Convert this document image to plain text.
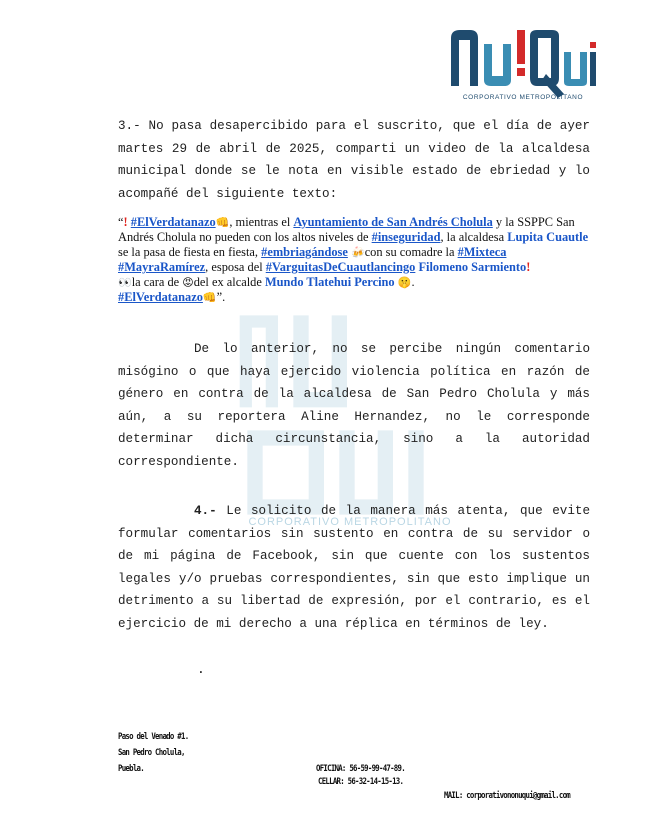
CORPORATIVO METROPOLITANO
CORPORATIVO METROPOLITANO
3.- No pasa desapercibido para el suscrito, que el día de ayer martes 29 de abril de 2025, comparti un video de la alcaldesa municipal donde se le nota en visible estado de ebriedad y lo acompañé del siguiente texto:
“! #ElVerdatanazo👊, mientras el Ayuntamiento de San Andrés Cholula y la SSPPC San Andrés Cholula no pueden con los altos niveles de #inseguridad, la alcaldesa Lupita Cuautle
se la pasa de fiesta en fiesta, #embriagándose 🍻con su comadre la #Mixteca
#MayraRamírez, esposa del #VarguitasDeCuautlancingo Filomeno Sarmiento!
👀la cara de 😡del ex alcalde Mundo Tlatehui Percino 🤫.
#ElVerdatanazo👊”.
De lo anterior, no se percibe ningún comentario misógino o que haya ejercido violencia política en razón de género en contra de la alcaldesa de San Pedro Cholula y más aún, a su reportera Aline Hernandez, no le corresponde determinar dicha circunstancia, sino a la autoridad correspondiente.
4.- Le solicito de la manera más atenta, que evite formular comentarios sin sustento en contra de su servidor o de mi página de Facebook, sin que cuente con los sustentos legales y/o pruebas correspondientes, sin que esto implique un detrimento a su libertad de expresión, por el contrario, es el ejercicio de mi derecho a una réplica en términos de ley.
.
Paso del Venado #1.
San Pedro Cholula,
Puebla.	OFICINA: 56-59-99-47-89.
CELLAR: 56-32-14-15-13.
MAIL: corporativononuqui@gmail.com
